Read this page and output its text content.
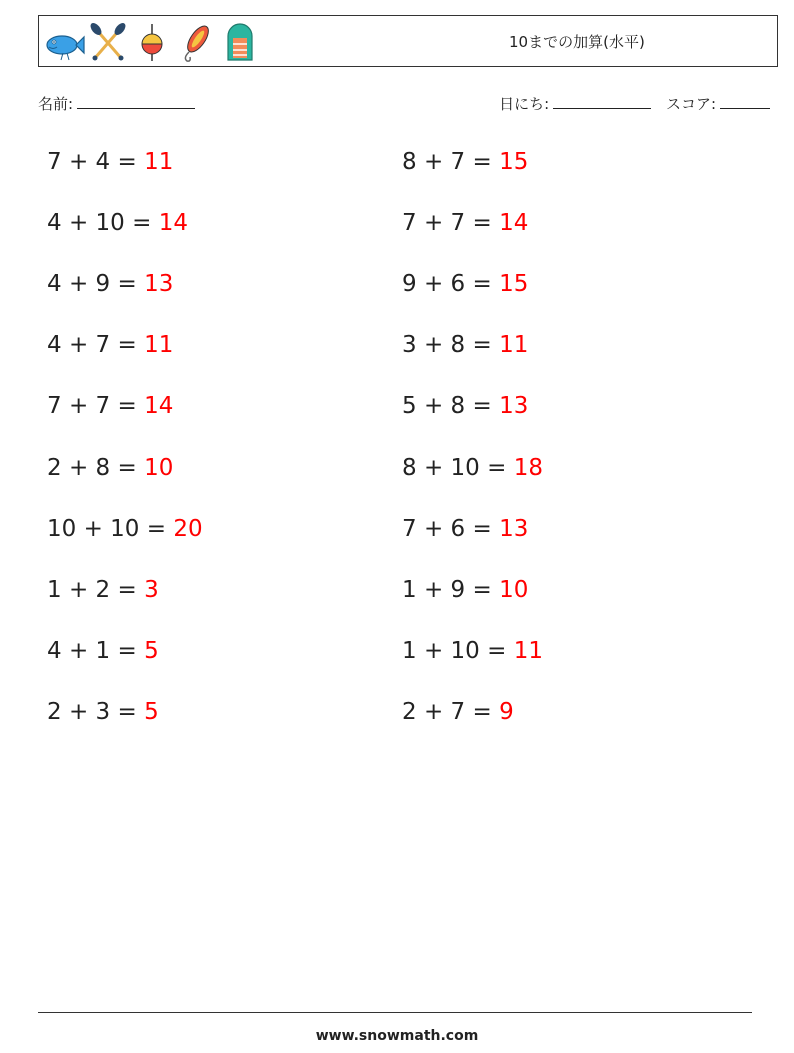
10までの加算(水平)
名前:	日にち:	スコア:
7 + 4 = 11	8 + 7 = 15
4 + 10 = 14	7 + 7 = 14
4 + 9 = 13	9 + 6 = 15
4 + 7 = 11	3 + 8 = 11
7 + 7 = 14	5 + 8 = 13
2 + 8 = 10	8 + 10 = 18
10 + 10 = 20	7 + 6 = 13
1 + 2 = 3	1 + 9 = 10
4 + 1 = 5	1 + 10 = 11
2 + 3 = 5	2 + 7 = 9
www.snowmath.com
